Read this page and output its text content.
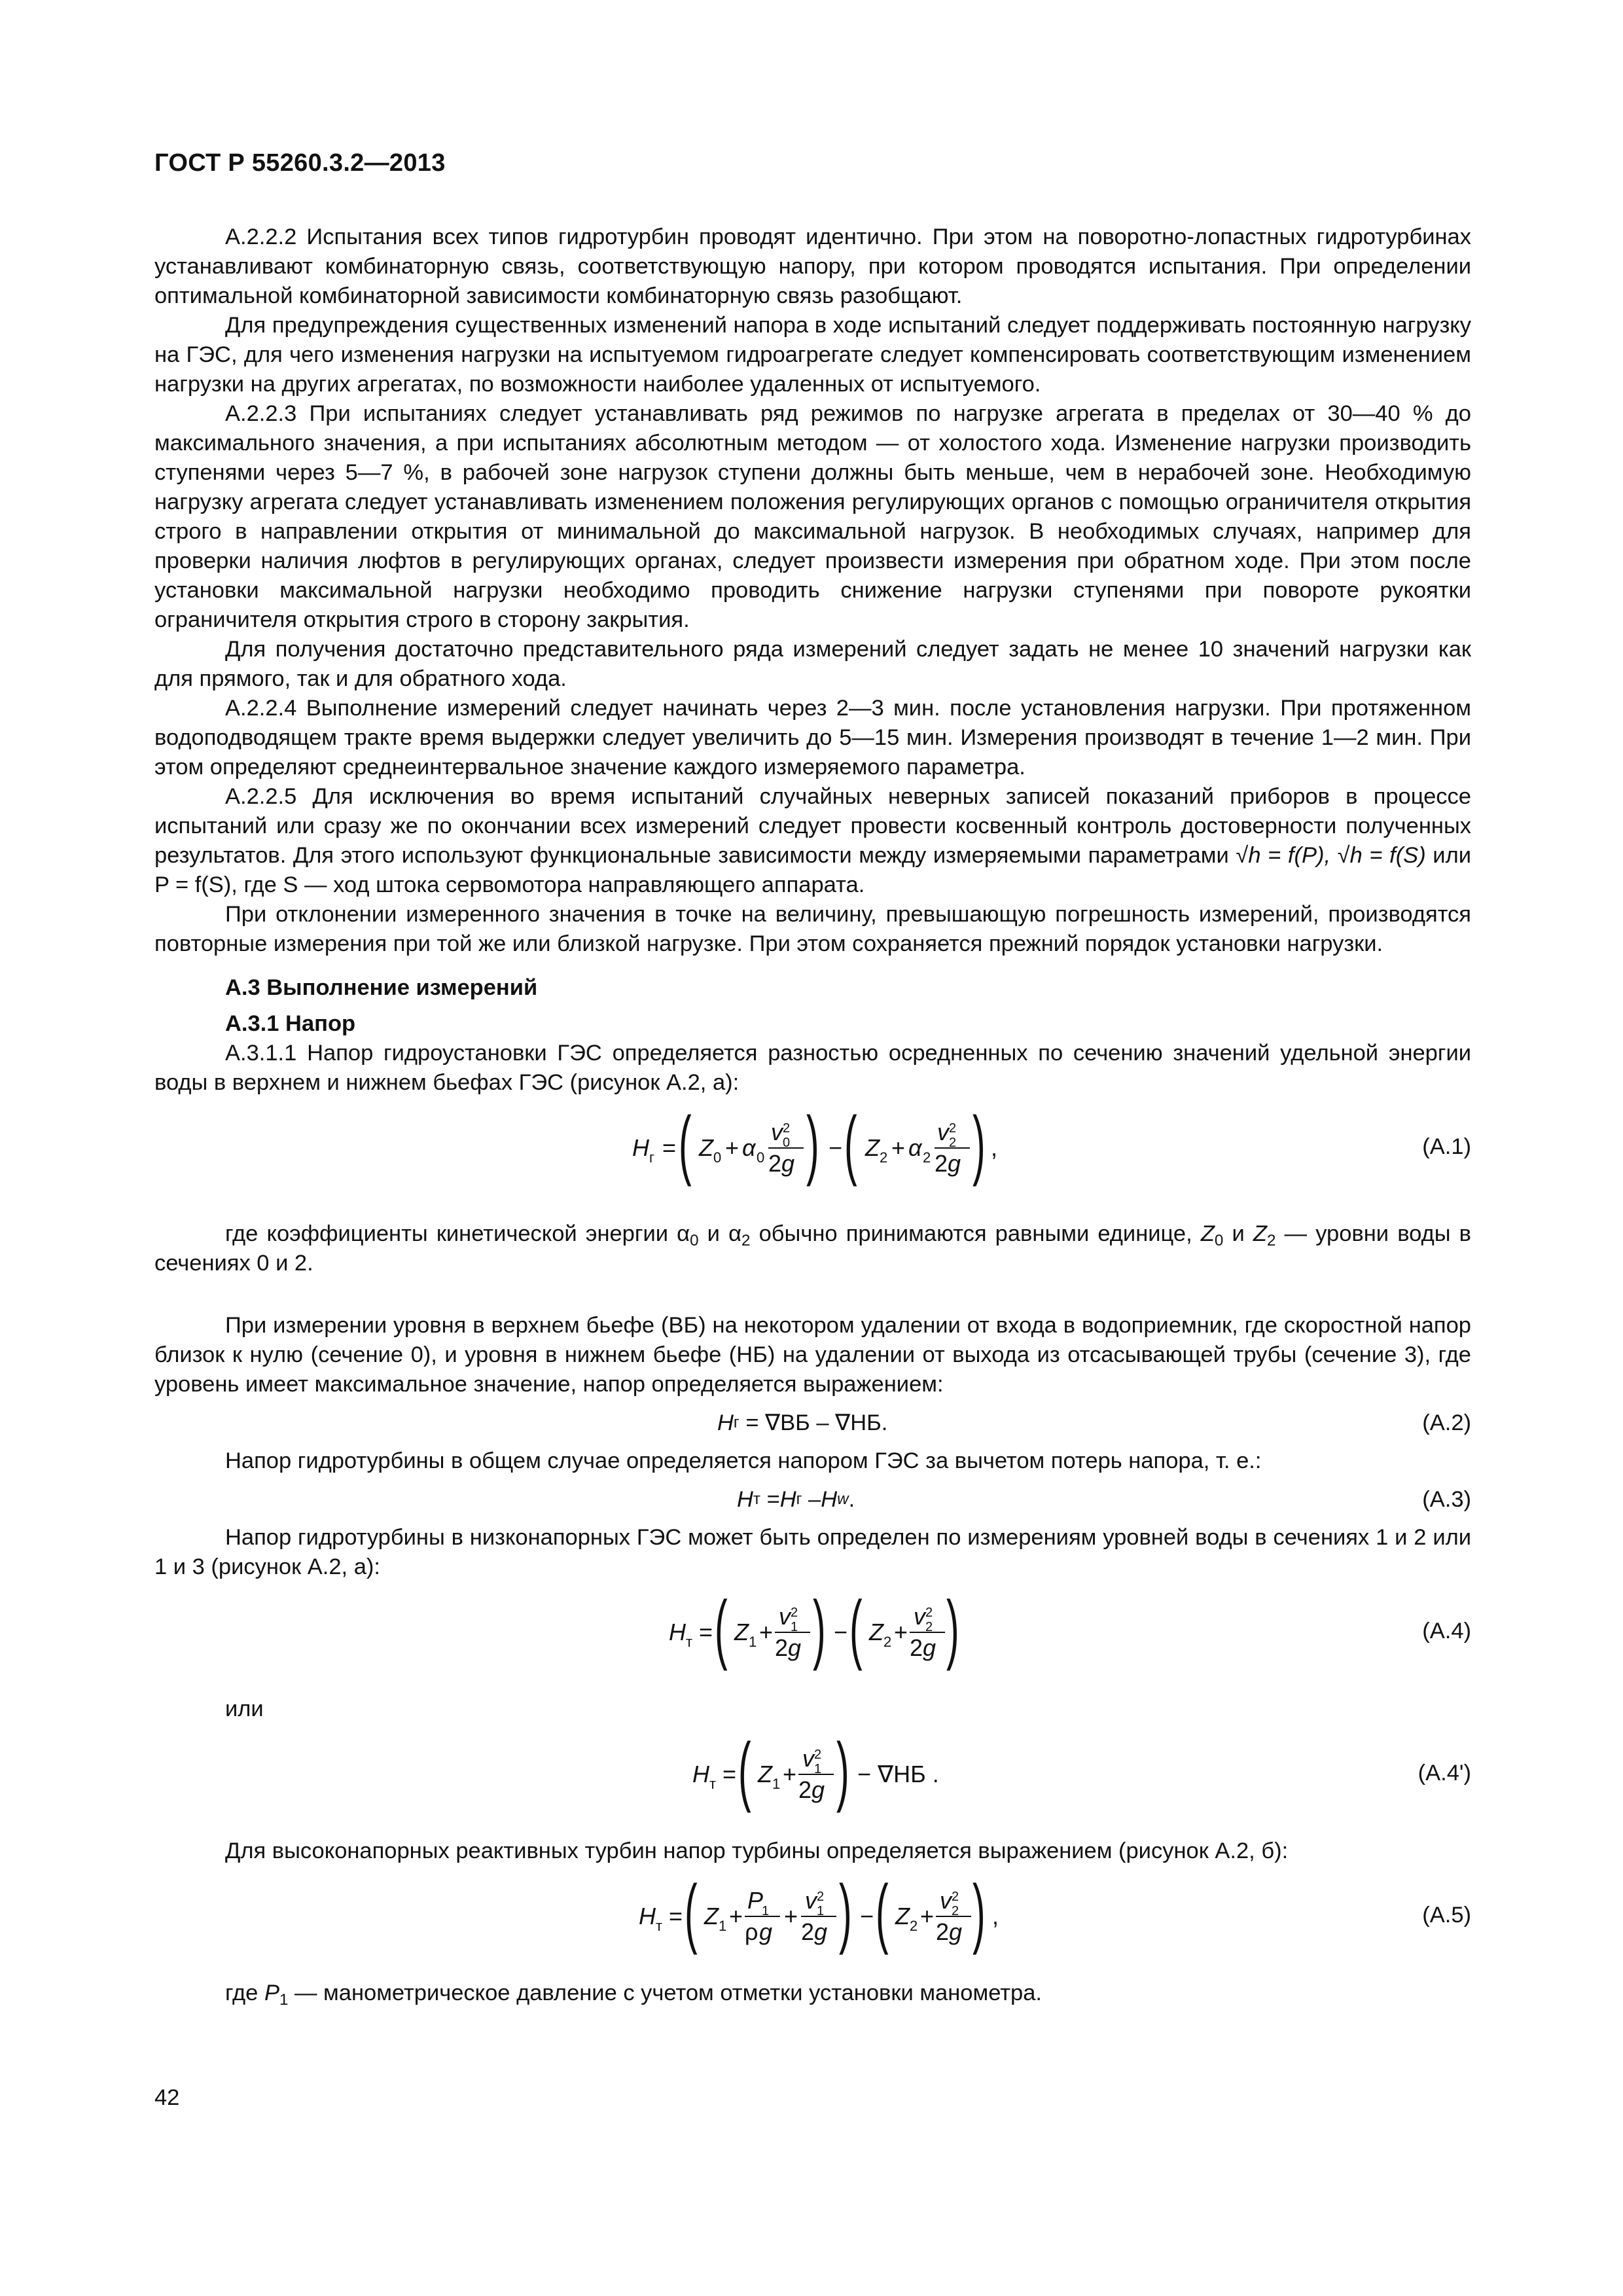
ГОСТ Р 55260.3.2—2013

А.2.2.2 Испытания всех типов гидротурбин проводят идентично. При этом на поворотно-лопастных гидротурбинах устанавливают комбинаторную связь, соответствующую напору, при котором проводятся испытания. При определении оптимальной комбинаторной зависимости комбинаторную связь разобщают.

Для предупреждения существенных изменений напора в ходе испытаний следует поддерживать постоянную нагрузку на ГЭС, для чего изменения нагрузки на испытуемом гидроагрегате следует компенсировать соответствующим изменением нагрузки на других агрегатах, по возможности наиболее удаленных от испытуемого.

А.2.2.3 При испытаниях следует устанавливать ряд режимов по нагрузке агрегата в пределах от 30—40 % до максимального значения, а при испытаниях абсолютным методом — от холостого хода. Изменение нагрузки производить ступенями через 5—7 %, в рабочей зоне нагрузок ступени должны быть меньше, чем в нерабочей зоне. Необходимую нагрузку агрегата следует устанавливать изменением положения регулирующих органов с помощью ограничителя открытия строго в направлении открытия от минимальной до максимальной нагрузок. В необходимых случаях, например для проверки наличия люфтов в регулирующих органах, следует произвести измерения при обратном ходе. При этом после установки максимальной нагрузки необходимо проводить снижение нагрузки ступенями при повороте рукоятки ограничителя открытия строго в сторону закрытия.

Для получения достаточно представительного ряда измерений следует задать не менее 10 значений нагрузки как для прямого, так и для обратного хода.

А.2.2.4 Выполнение измерений следует начинать через 2—3 мин. после установления нагрузки. При протяженном водоподводящем тракте время выдержки следует увеличить до 5—15 мин. Измерения производят в течение 1—2 мин. При этом определяют среднеинтервальное значение каждого измеряемого параметра.

А.2.2.5 Для исключения во время испытаний случайных неверных записей показаний приборов в процессе испытаний или сразу же по окончании всех измерений следует провести косвенный контроль достоверности полученных результатов. Для этого используют функциональные зависимости между измеряемыми параметрами √h = f(P), √h = f(S) или P = f(S), где S — ход штока сервомотора направляющего аппарата.

При отклонении измеренного значения в точке на величину, превышающую погрешность измерений, производятся повторные измерения при той же или близкой нагрузке. При этом сохраняется прежний порядок установки нагрузки.

А.3 Выполнение измерений
А.3.1 Напор

А.3.1.1 Напор гидроустановки ГЭС определяется разностью осредненных по сечению значений удельной энергии воды в верхнем и нижнем бьефах ГЭС (рисунок А.2, а):

H г = ( Z 0 + α 0
v 2
0
2 g ) − ( Z 2 + α 2
v 2
2
2 g ) ,	(А.1)

где коэффициенты кинетической энергии $\alpha_0$ и $\alpha_2$ обычно принимаются равными единице, $Z_0$ и $Z_2$ — уровни воды в сечениях 0 и 2.

При измерении уровня в верхнем бьефе (ВБ) на некотором удалении от входа в водоприемник, где скоростной напор близок к нулю (сечение 0), и уровня в нижнем бьефе (НБ) на удалении от выхода из отсасывающей трубы (сечение 3), где уровень имеет максимальное значение, напор определяется выражением:

H г = ∇ВБ – ∇НБ.	(А.2)

Напор гидротурбины в общем случае определяется напором ГЭС за вычетом потерь напора, т. е.:

H т = H г – H w .	(А.3)

Напор гидротурбины в низконапорных ГЭС может быть определен по измерениям уровней воды в сечениях 1 и 2 или 1 и 3 (рисунок А.2, а):

H т = ( Z 1 +
v 2
1
2 g ) − ( Z 2 +
v 2
2
2 g )	(А.4)

или

H т = ( Z 1 +
v 2
1
2 g ) − ∇НБ .	(А.4')

Для высоконапорных реактивных турбин напор турбины определяется выражением (рисунок А.2, б):

H т = ( Z 1 +
P
1
ρ g
+
v 2
1
2 g ) − ( Z 2 +
v 2
2
2 g ) ,	(А.5)

где $P_1$ — манометрическое давление с учетом отметки установки манометра.

42
